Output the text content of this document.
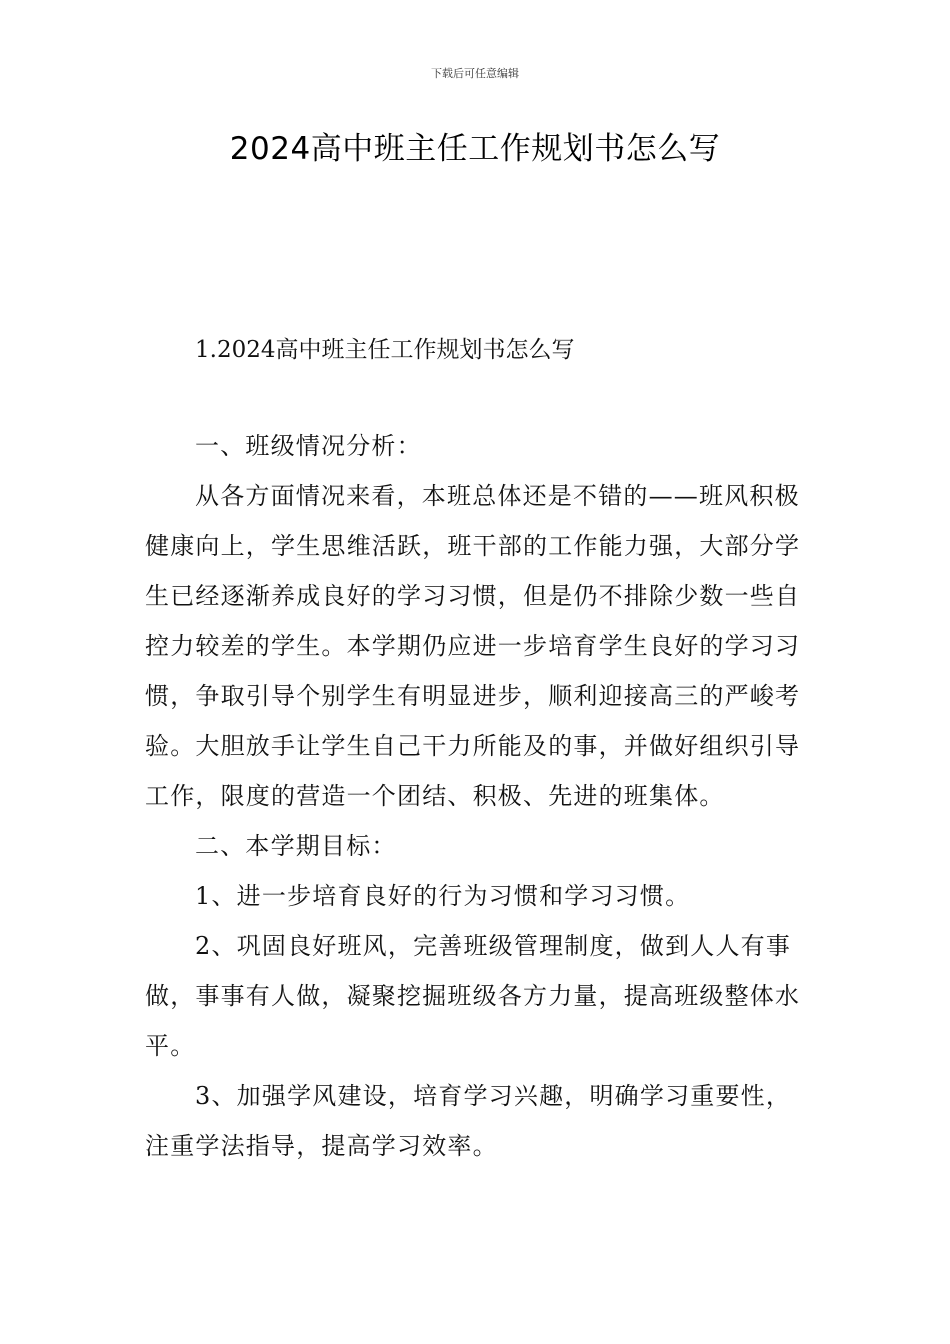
下载后可任意编辑
2024高中班主任工作规划书怎么写
1.2024高中班主任工作规划书怎么写

一、班级情况分析：

从各方面情况来看，本班总体还是不错的——班风积极健康向上，学生思维活跃，班干部的工作能力强，大部分学生已经逐渐养成良好的学习习惯，但是仍不排除少数一些自控力较差的学生。本学期仍应进一步培育学生良好的学习习惯，争取引导个别学生有明显进步，顺利迎接高三的严峻考验。大胆放手让学生自己干力所能及的事，并做好组织引导工作，限度的营造一个团结、积极、先进的班集体。

二、本学期目标：

1、进一步培育良好的行为习惯和学习习惯。

2、巩固良好班风，完善班级管理制度，做到人人有事做，事事有人做，凝聚挖掘班级各方力量，提高班级整体水平。

3、加强学风建设，培育学习兴趣，明确学习重要性，注重学法指导，提高学习效率。
